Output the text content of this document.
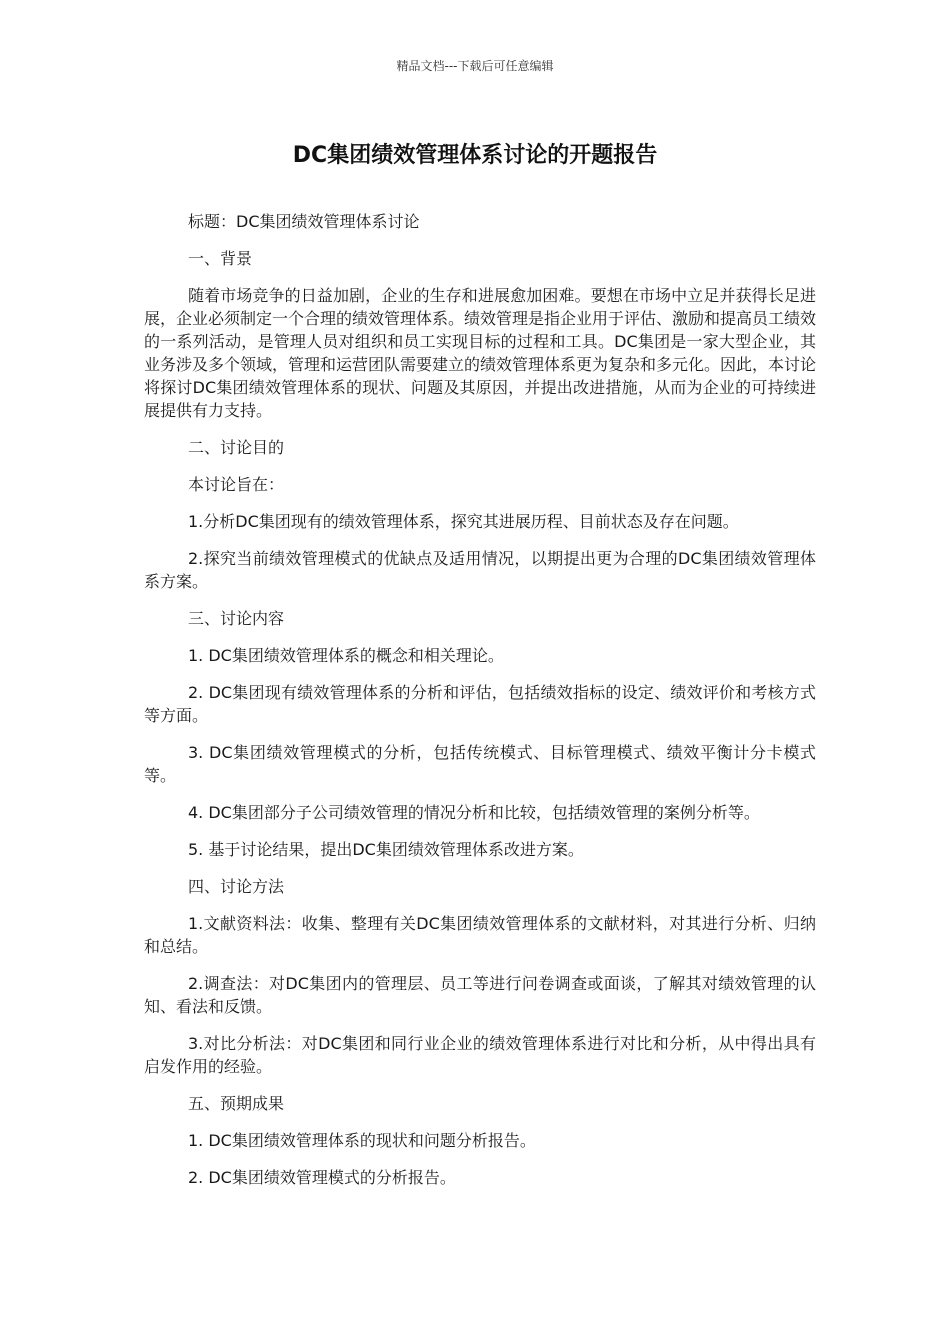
精品文档---下载后可任意编辑
DC集团绩效管理体系讨论的开题报告

标题：DC集团绩效管理体系讨论

一、背景

随着市场竞争的日益加剧，企业的生存和进展愈加困难。要想在市场中立足并获得长足进展，企业必须制定一个合理的绩效管理体系。绩效管理是指企业用于评估、激励和提高员工绩效的一系列活动，是管理人员对组织和员工实现目标的过程和工具。DC集团是一家大型企业，其业务涉及多个领域，管理和运营团队需要建立的绩效管理体系更为复杂和多元化。因此，本讨论将探讨DC集团绩效管理体系的现状、问题及其原因，并提出改进措施，从而为企业的可持续进展提供有力支持。

二、讨论目的

本讨论旨在：

1.分析DC集团现有的绩效管理体系，探究其进展历程、目前状态及存在问题。

2.探究当前绩效管理模式的优缺点及适用情况，以期提出更为合理的DC集团绩效管理体系方案。

三、讨论内容

1. DC集团绩效管理体系的概念和相关理论。

2. DC集团现有绩效管理体系的分析和评估，包括绩效指标的设定、绩效评价和考核方式等方面。

3. DC集团绩效管理模式的分析，包括传统模式、目标管理模式、绩效平衡计分卡模式等。

4. DC集团部分子公司绩效管理的情况分析和比较，包括绩效管理的案例分析等。

5. 基于讨论结果，提出DC集团绩效管理体系改进方案。

四、讨论方法

1.文献资料法：收集、整理有关DC集团绩效管理体系的文献材料，对其进行分析、归纳和总结。

2.调查法：对DC集团内的管理层、员工等进行问卷调查或面谈，了解其对绩效管理的认知、看法和反馈。

3.对比分析法：对DC集团和同行业企业的绩效管理体系进行对比和分析，从中得出具有启发作用的经验。

五、预期成果

1. DC集团绩效管理体系的现状和问题分析报告。

2. DC集团绩效管理模式的分析报告。
